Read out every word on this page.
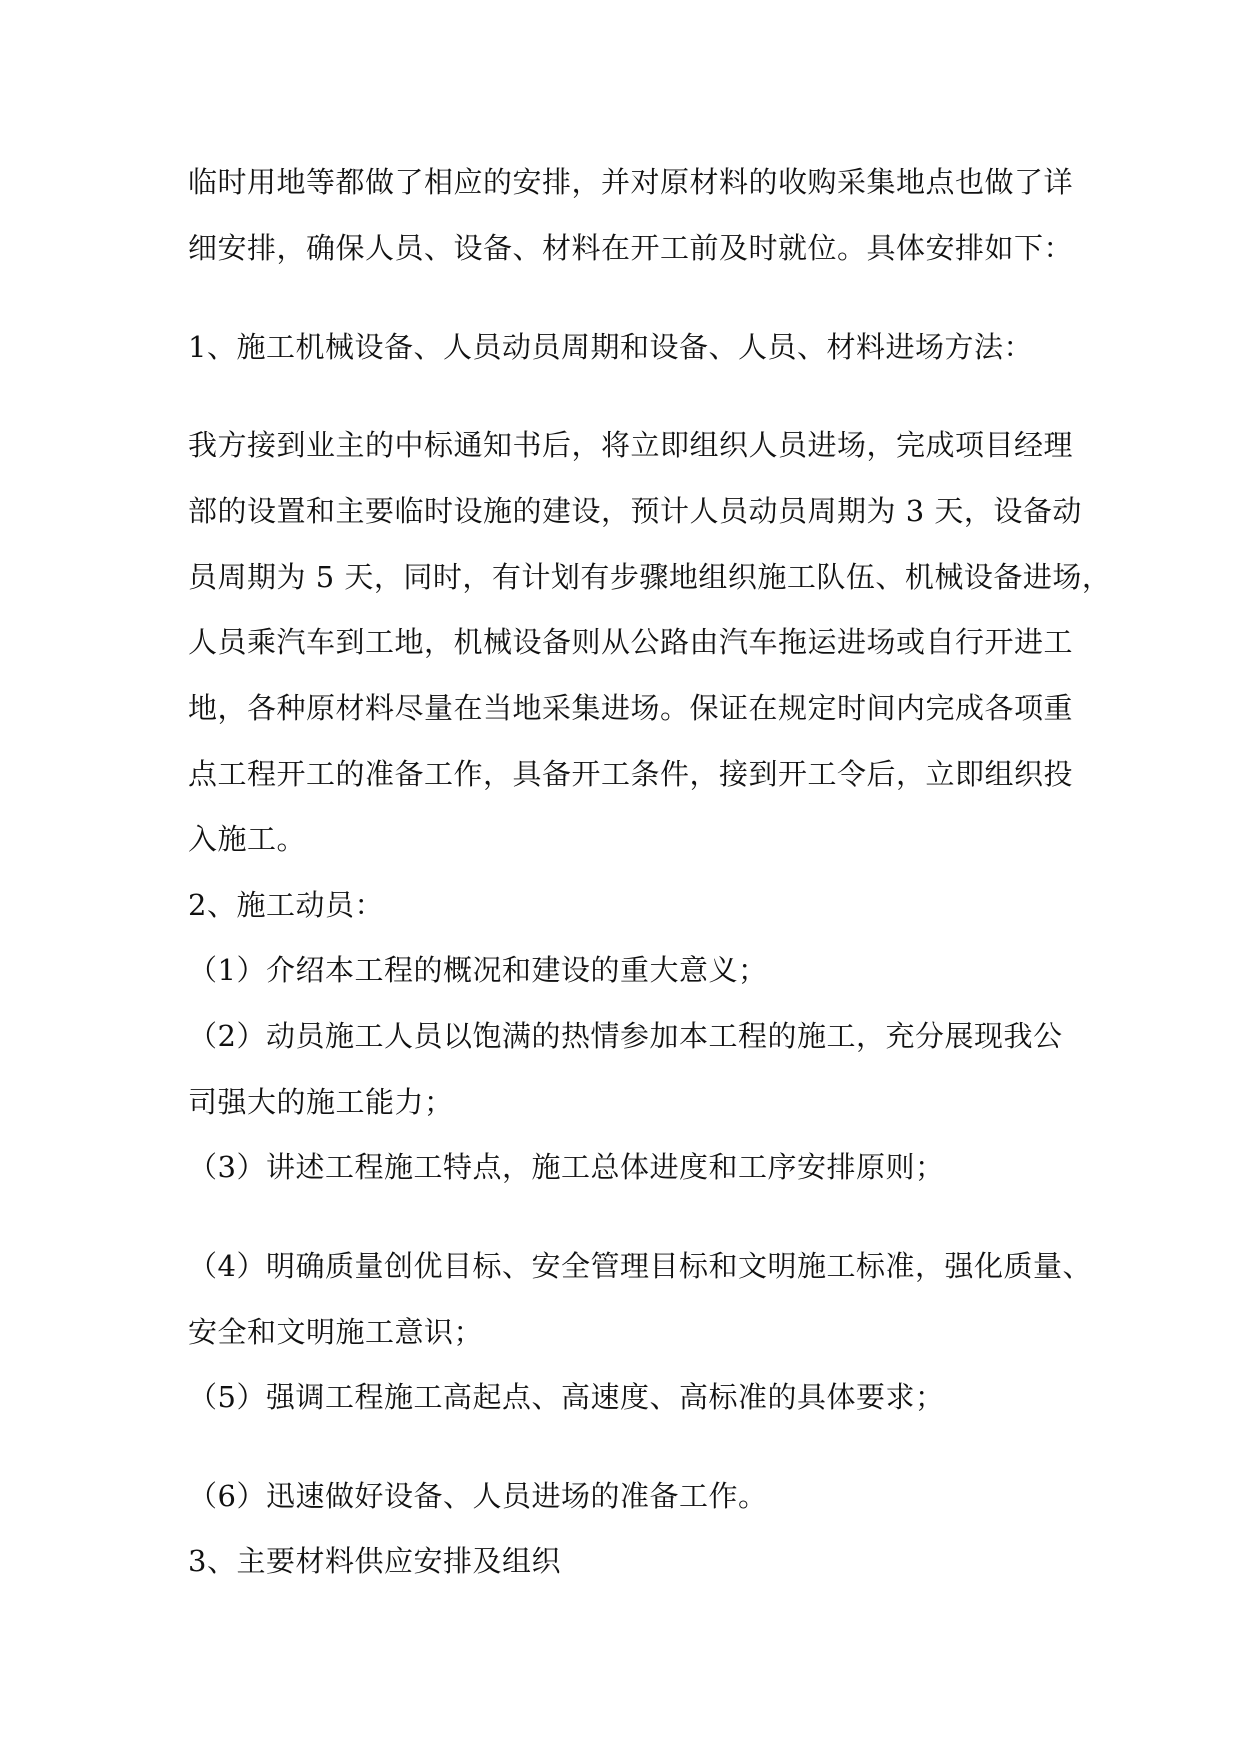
临时用地等都做了相应的安排，并对原材料的收购采集地点也做了详
细安排，确保人员、设备、材料在开工前及时就位。具体安排如下：
1、施工机械设备、人员动员周期和设备、人员、材料进场方法：
我方接到业主的中标通知书后，将立即组织人员进场，完成项目经理
部的设置和主要临时设施的建设，预计人员动员周期为 3 天，设备动
员周期为 5 天，同时，有计划有步骤地组织施工队伍、机械设备进场，
人员乘汽车到工地，机械设备则从公路由汽车拖运进场或自行开进工
地，各种原材料尽量在当地采集进场。保证在规定时间内完成各项重
点工程开工的准备工作，具备开工条件，接到开工令后，立即组织投
入施工。
2、施工动员：
（1）介绍本工程的概况和建设的重大意义；
（2）动员施工人员以饱满的热情参加本工程的施工，充分展现我公
司强大的施工能力；
（3）讲述工程施工特点，施工总体进度和工序安排原则；
（4）明确质量创优目标、安全管理目标和文明施工标准，强化质量、
安全和文明施工意识；
（5）强调工程施工高起点、高速度、高标准的具体要求；
（6）迅速做好设备、人员进场的准备工作。
3、主要材料供应安排及组织
